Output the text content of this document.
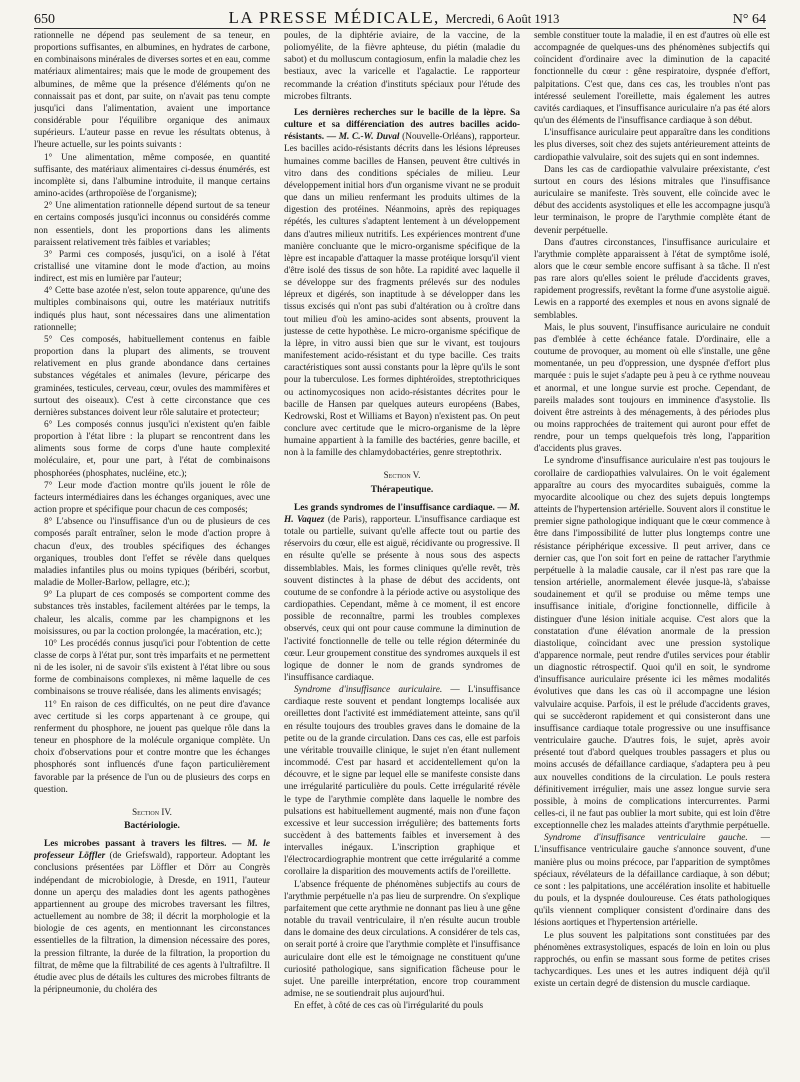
650	LA PRESSE MÉDICALE, Mercredi, 6 Août 1913	N° 64

rationnelle ne dépend pas seulement de sa teneur, en proportions suffisantes, en albumines, en hydrates de carbone, en combinaisons minérales de diverses sortes et en eau, comme matériaux alimentaires; mais que le mode de groupement des albumines, de même que la présence d'éléments qu'on ne connaissait pas et dont, par suite, on n'avait pas tenu compte jusqu'ici dans l'alimentation, avaient une importance considérable pour l'équilibre organique des animaux supérieurs. L'auteur passe en revue les résultats obtenus, à l'heure actuelle, sur les points suivants :

1° Une alimentation, même composée, en quantité suffisante, des matériaux alimentaires ci-dessus énumérés, est incomplète si, dans l'albumine introduite, il manque certains amino-acides (arthropoïèse de l'organisme);

2° Une alimentation rationnelle dépend surtout de sa teneur en certains composés jusqu'ici inconnus ou considérés comme non essentiels, dont les proportions dans les aliments paraissent relativement très faibles et variables;

3° Parmi ces composés, jusqu'ici, on a isolé à l'état cristallisé une vitamine dont le mode d'action, au moins indirect, est mis en lumière par l'auteur;

4° Cette base azotée n'est, selon toute apparence, qu'une des multiples combinaisons qui, outre les matériaux nutritifs indiqués plus haut, sont nécessaires dans une alimentation rationnelle;

5° Ces composés, habituellement contenus en faible proportion dans la plupart des aliments, se trouvent relativement en plus grande abondance dans certaines substances végétales et animales (levure, péricarpe des graminées, testicules, cerveau, cœur, ovules des mammifères et surtout des oiseaux). C'est à cette circonstance que ces dernières substances doivent leur rôle salutaire et protecteur;

6° Les composés connus jusqu'ici n'existent qu'en faible proportion à l'état libre : la plupart se rencontrent dans les aliments sous forme de corps d'une haute complexité moléculaire, et, pour une part, à l'état de combinaisons phosphorées (phosphates, nucléine, etc.);

7° Leur mode d'action montre qu'ils jouent le rôle de facteurs intermédiaires dans les échanges organiques, avec une action propre et spécifique pour chacun de ces composés;

8° L'absence ou l'insuffisance d'un ou de plusieurs de ces composés paraît entraîner, selon le mode d'action propre à chacun d'eux, des troubles spécifiques des échanges organiques, troubles dont l'effet se révèle dans quelques maladies infantiles plus ou moins typiques (béribéri, scorbut, maladie de Moller-Barlow, pellagre, etc.);

9° La plupart de ces composés se comportent comme des substances très instables, facilement altérées par le temps, la chaleur, les alcalis, comme par les champignons et les moisissures, ou par la coction prolongée, la macération, etc.);

10° Les procédés connus jusqu'ici pour l'obtention de cette classe de corps à l'état pur, sont très imparfaits et ne permettent ni de les isoler, ni de savoir s'ils existent à l'état libre ou sous forme de combinaisons complexes, ni même laquelle de ces combinaisons se trouve réalisée, dans les aliments envisagés;

11° En raison de ces difficultés, on ne peut dire d'avance avec certitude si les corps appartenant à ce groupe, qui renferment du phosphore, ne jouent pas quelque rôle dans la teneur en phosphore de la molécule organique complète. Un choix d'observations pour et contre montre que les échanges phosphorés sont influencés d'une façon particulièrement favorable par la présence de l'un ou de plusieurs des corps en question.

Section IV.
Bactériologie.

Les microbes passant à travers les filtres. — M. le professeur Löffler (de Griefswald), rapporteur. Adoptant les conclusions présentées par Löffler et Dörr au Congrès indépendant de microbiologie, à Dresde, en 1911, l'auteur donne un aperçu des maladies dont les agents pathogènes appartiennent au groupe des microbes traversant les filtres, actuellement au nombre de 38; il décrit la morphologie et la biologie de ces agents, en mentionnant les circonstances essentielles de la filtration, la dimension nécessaire des pores, la pression filtrante, la durée de la filtration, la proportion du filtrat, de même que la filtrabilité de ces agents à l'ultrafiltre. Il étudie avec plus de détails les cultures des microbes filtrants de la péripneumonie, du choléra des

poules, de la diphtérie aviaire, de la vaccine, de la poliomyélite, de la fièvre aphteuse, du piétin (maladie du sabot) et du molluscum contagiosum, enfin la maladie chez les bestiaux, avec la varicelle et l'agalactie. Le rapporteur recommande la création d'instituts spéciaux pour l'étude des microbes filtrants.

Les dernières recherches sur le bacille de la lèpre. Sa culture et sa différenciation des autres bacilles acido-résistants. — M. C.-W. Duval (Nouvelle-Orléans), rapporteur. Les bacilles acido-résistants décrits dans les lésions lépreuses humaines comme bacilles de Hansen, peuvent être cultivés in vitro dans des conditions spéciales de milieu. Leur développement initial hors d'un organisme vivant ne se produit que dans un milieu renfermant les produits ultimes de la digestion des protéines. Néanmoins, après des repiquages répétés, les cultures s'adaptent lentement à un développement dans d'autres milieux nutritifs. Les expériences montrent d'une manière concluante que le micro-organisme spécifique de la lèpre est incapable d'attaquer la masse protéique lorsqu'il vient d'être isolé des tissus de son hôte. La rapidité avec laquelle il se développe sur des fragments prélevés sur des nodules lépreux et digérés, son inaptitude à se développer dans les tissus excisés qui n'ont pas subi d'altération ou à croître dans tout milieu d'où les amino-acides sont absents, prouvent la justesse de cette hypothèse. Le micro-organisme spécifique de la lèpre, in vitro aussi bien que sur le vivant, est toujours manifestement acido-résistant et du type bacille. Ces traits caractéristiques sont aussi constants pour la lèpre qu'ils le sont pour la tuberculose. Les formes diphtéroïdes, streptothriciques ou actinomycosiques non acido-résistantes décrites pour le bacille de Hansen par quelques auteurs européens (Babes, Kedrowski, Rost et Williams et Bayon) n'existent pas. On peut conclure avec certitude que le micro-organisme de la lèpre humaine appartient à la famille des bactéries, genre bacille, et non à la famille des chlamydobactéries, genre streptothrix.

Section V.
Thérapeutique.

Les grands syndromes de l'insuffisance cardiaque. — M. H. Vaquez (de Paris), rapporteur. L'insuffisance cardiaque est totale ou partielle, suivant qu'elle affecte tout ou partie des réservoirs du cœur, elle est aiguë, récidivante ou progressive. Il en résulte qu'elle se présente à nous sous des aspects dissemblables. Mais, les formes cliniques qu'elle revêt, très souvent distinctes à la phase de début des accidents, ont coutume de se confondre à la période active ou asystolique des cardiopathies. Cependant, même à ce moment, il est encore possible de reconnaître, parmi les troubles complexes observés, ceux qui ont pour cause commune la diminution de l'activité fonctionnelle de telle ou telle région déterminée du cœur. Leur groupement constitue des syndromes auxquels il est logique de donner le nom de grands syndromes de l'insuffisance cardiaque.

Syndrome d'insuffisance auriculaire. — L'insuffisance cardiaque reste souvent et pendant longtemps localisée aux oreillettes dont l'activité est immédiatement atteinte, sans qu'il en résulte toujours des troubles graves dans le domaine de la petite ou de la grande circulation. Dans ces cas, elle est parfois une véritable trouvaille clinique, le sujet n'en étant nullement incommodé. C'est par hasard et accidentellement qu'on la découvre, et le signe par lequel elle se manifeste consiste dans une irrégularité particulière du pouls. Cette irrégularité révèle le type de l'arythmie complète dans laquelle le nombre des pulsations est habituellement augmenté, mais non d'une façon excessive et leur succession irrégulière; des battements forts succèdent à des battements faibles et inversement à des intervalles inégaux. L'inscription graphique et l'électrocardiographie montrent que cette irrégularité a comme corollaire la disparition des mouvements actifs de l'oreillette.

L'absence fréquente de phénomènes subjectifs au cours de l'arythmie perpétuelle n'a pas lieu de surprendre. On s'explique parfaitement que cette arythmie ne donnant pas lieu à une gêne notable du travail ventriculaire, il n'en résulte aucun trouble dans le domaine des deux circulations. A considérer de tels cas, on serait porté à croire que l'arythmie complète et l'insuffisance auriculaire dont elle est le témoignage ne constituent qu'une curiosité pathologique, sans signification fâcheuse pour le sujet. Une pareille interprétation, encore trop couramment admise, ne se soutiendrait plus aujourd'hui.

En effet, à côté de ces cas où l'irrégularité du pouls

semble constituer toute la maladie, il en est d'autres où elle est accompagnée de quelques-uns des phénomènes subjectifs qui coïncident d'ordinaire avec la diminution de la capacité fonctionnelle du cœur : gêne respiratoire, dyspnée d'effort, palpitations. C'est que, dans ces cas, les troubles n'ont pas intéressé seulement l'oreillette, mais également les autres cavités cardiaques, et l'insuffisance auriculaire n'a pas été alors qu'un des éléments de l'insuffisance cardiaque à son début.

L'insuffisance auriculaire peut apparaître dans les conditions les plus diverses, soit chez des sujets antérieurement atteints de cardiopathie valvulaire, soit des sujets qui en sont indemnes.

Dans les cas de cardiopathie valvulaire préexistante, c'est surtout en cours des lésions mitrales que l'insuffisance auriculaire se manifeste. Très souvent, elle coïncide avec le début des accidents asystoliques et elle les accompagne jusqu'à leur terminaison, le propre de l'arythmie complète étant de devenir perpétuelle.

Dans d'autres circonstances, l'insuffisance auriculaire et l'arythmie complète apparaissent à l'état de symptôme isolé, alors que le cœur semble encore suffisant à sa tâche. Il n'est pas rare alors qu'elles soient le prélude d'accidents graves, rapidement progressifs, revêtant la forme d'une asystolie aiguë. Lewis en a rapporté des exemples et nous en avons signalé de semblables.

Mais, le plus souvent, l'insuffisance auriculaire ne conduit pas d'emblée à cette échéance fatale. D'ordinaire, elle a coutume de provoquer, au moment où elle s'installe, une gêne momentanée, un peu d'oppression, une dyspnée d'effort plus marquée : puis le sujet s'adapte peu à peu à ce rythme nouveau et anormal, et une longue survie est proche. Cependant, de pareils malades sont toujours en imminence d'asystolie. Ils doivent être astreints à des ménagements, à des périodes plus ou moins rapprochées de traitement qui auront pour effet de rendre, pour un temps quelquefois très long, l'apparition d'accidents plus graves.

Le syndrome d'insuffisance auriculaire n'est pas toujours le corollaire de cardiopathies valvulaires. On le voit également apparaître au cours des myocardites subaiguës, comme la myocardite alcoolique ou chez des sujets depuis longtemps atteints de l'hypertension artérielle. Souvent alors il constitue le premier signe pathologique indiquant que le cœur commence à être dans l'impossibilité de lutter plus longtemps contre une résistance périphérique excessive. Il peut arriver, dans ce dernier cas, que l'on soit fort en peine de rattacher l'arythmie perpétuelle à la maladie causale, car il n'est pas rare que la tension artérielle, anormalement élevée jusque-là, s'abaisse soudainement et qu'il se produise ou même temps une insuffisance initiale, d'origine fonctionnelle, difficile à distinguer d'une lésion initiale acquise. C'est alors que la constatation d'une élévation anormale de la pression diastolique, coïncidant avec une pression systolique d'apparence normale, peut rendre d'utiles services pour établir un diagnostic rétrospectif. Quoi qu'il en soit, le syndrome d'insuffisance auriculaire présente ici les mêmes modalités évolutives que dans les cas où il accompagne une lésion valvulaire acquise. Parfois, il est le prélude d'accidents graves, qui se succèderont rapidement et qui consisteront dans une insuffisance cardiaque totale progressive ou une insuffisance ventriculaire gauche. D'autres fois, le sujet, après avoir présenté tout d'abord quelques troubles passagers et plus ou moins accusés de défaillance cardiaque, s'adaptera peu à peu aux nouvelles conditions de la circulation. Le pouls restera définitivement irrégulier, mais une assez longue survie sera possible, à moins de complications intercurrentes. Parmi celles-ci, il ne faut pas oublier la mort subite, qui est loin d'être exceptionnelle chez les malades atteints d'arythmie perpétuelle.

Syndrome d'insuffisance ventriculaire gauche. — L'insuffisance ventriculaire gauche s'annonce souvent, d'une manière plus ou moins précoce, par l'apparition de symptômes spéciaux, révélateurs de la défaillance cardiaque, à son début; ce sont : les palpitations, une accélération insolite et habituelle du pouls, et la dyspnée douloureuse. Ces états pathologiques qu'ils viennent compliquer consistent d'ordinaire dans des lésions aortiques et l'hypertension artérielle.

Le plus souvent les palpitations sont constituées par des phénomènes extrasystoliques, espacés de loin en loin ou plus rapprochés, ou enfin se massant sous forme de petites crises tachycardiques. Les unes et les autres indiquent déjà qu'il existe un certain degré de distension du muscle cardiaque.
